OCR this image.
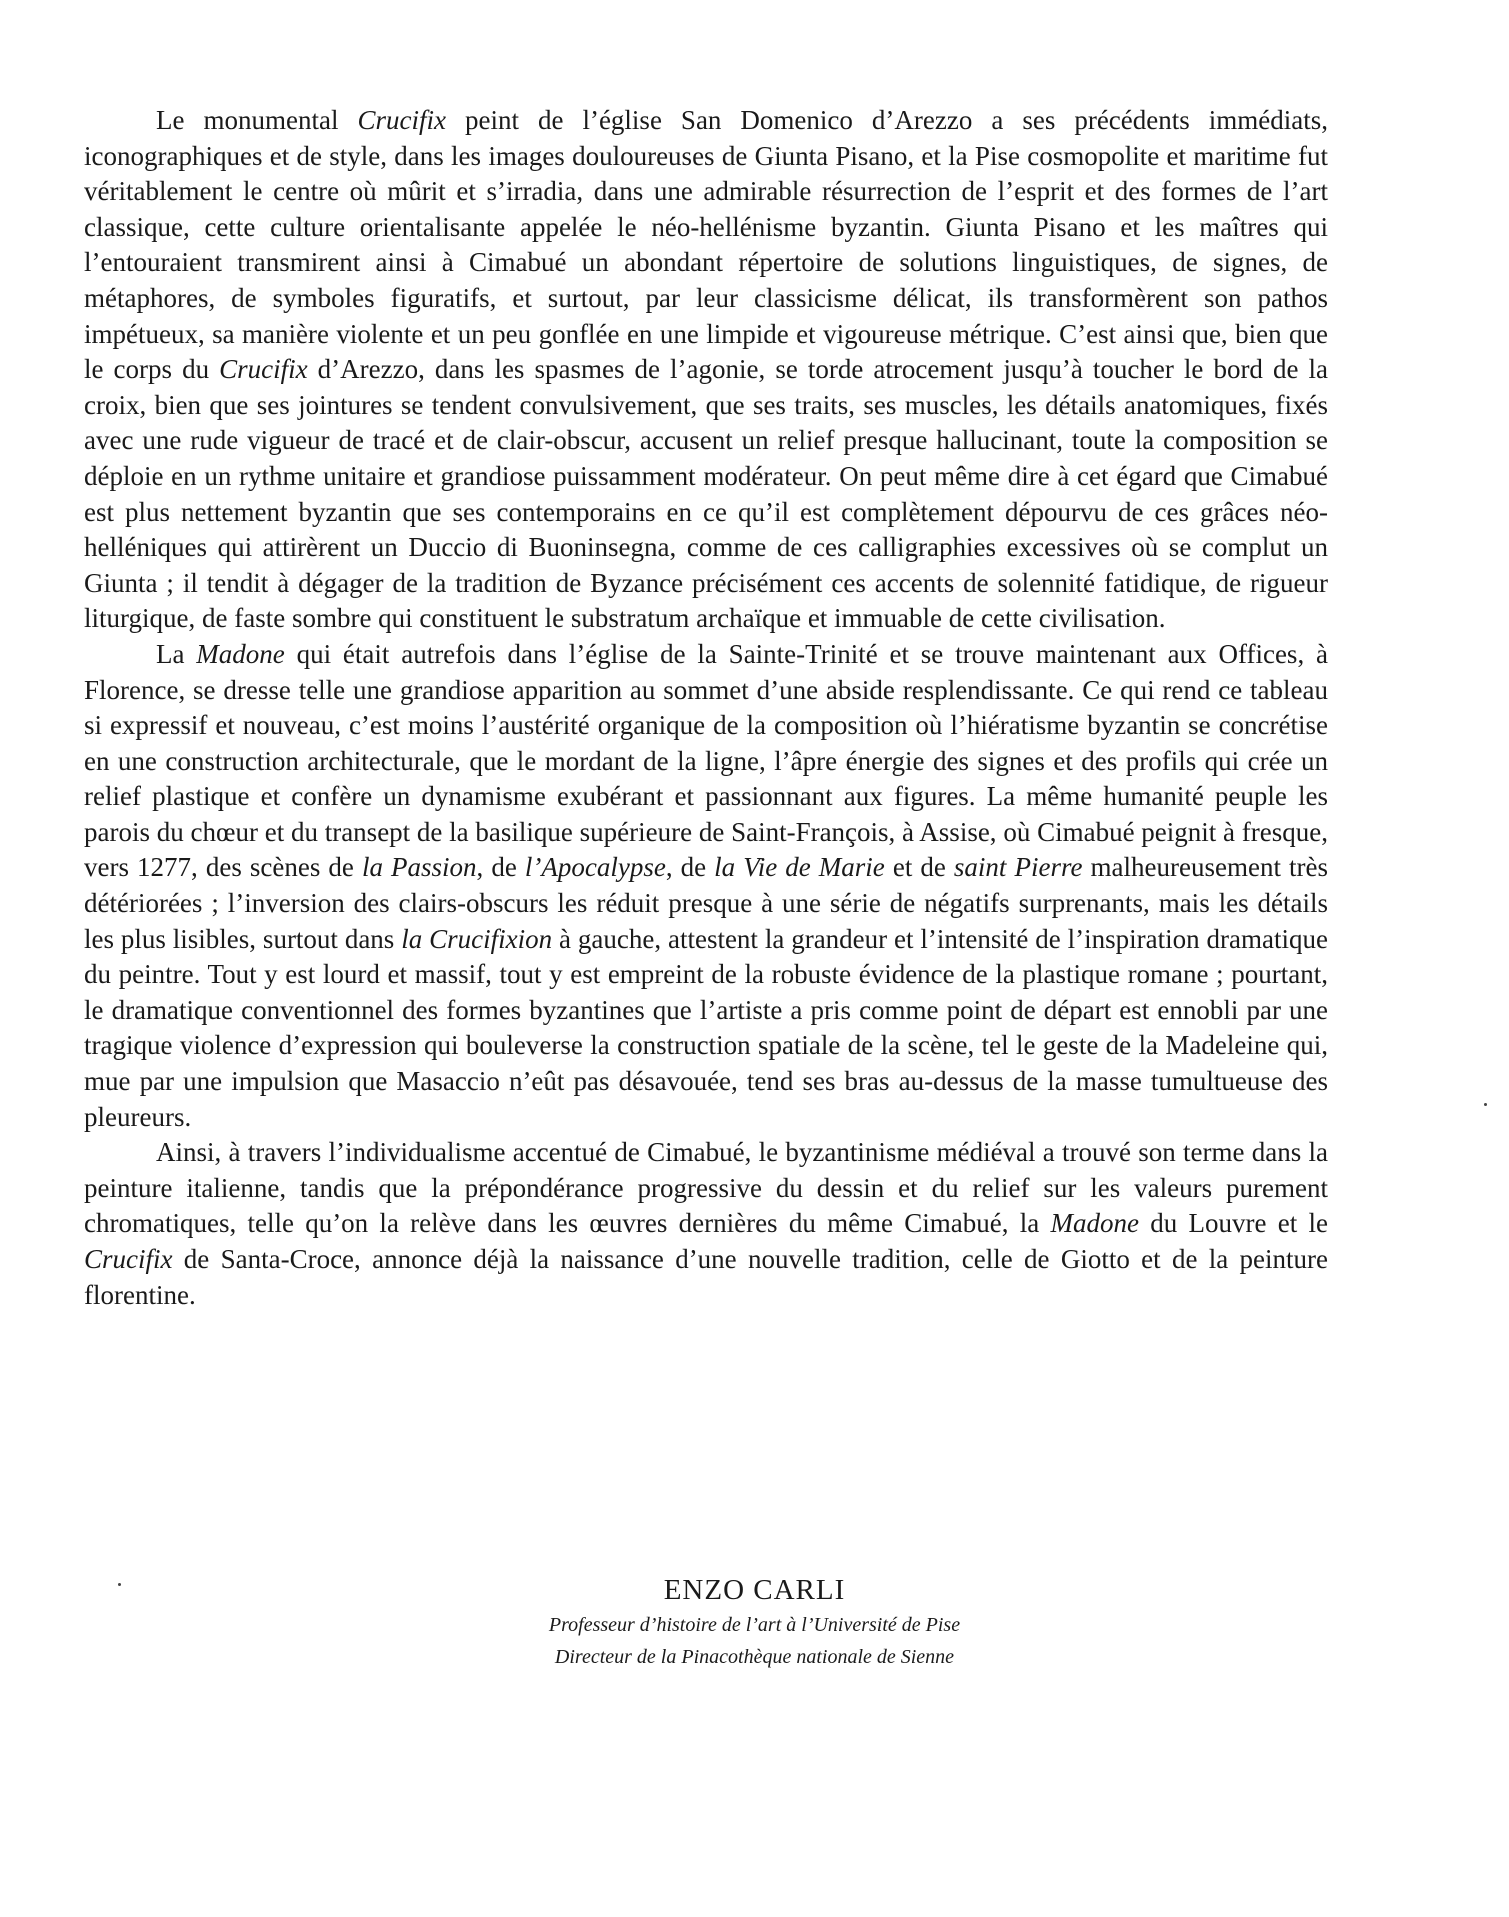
Le monumental Crucifix peint de l’église San Domenico d’Arezzo a ses précédents immédiats, iconographiques et de style, dans les images douloureuses de Giunta Pisano, et la Pise cosmopolite et maritime fut véritablement le centre où mûrit et s’irradia, dans une admirable résurrection de l’esprit et des formes de l’art classique, cette culture orientalisante appelée le néo-hellénisme byzantin. Giunta Pisano et les maîtres qui l’entouraient transmirent ainsi à Cimabué un abondant répertoire de solutions linguistiques, de signes, de métaphores, de symboles figuratifs, et surtout, par leur classicisme délicat, ils transformèrent son pathos impétueux, sa manière violente et un peu gonflée en une limpide et vigoureuse métrique. C’est ainsi que, bien que le corps du Crucifix d’Arezzo, dans les spasmes de l’agonie, se torde atrocement jusqu’à toucher le bord de la croix, bien que ses jointures se tendent convulsivement, que ses traits, ses muscles, les détails anatomiques, fixés avec une rude vigueur de tracé et de clair-obscur, accusent un relief presque hallucinant, toute la composition se déploie en un rythme unitaire et grandiose puissamment modérateur. On peut même dire à cet égard que Cimabué est plus nettement byzantin que ses contemporains en ce qu’il est complètement dépourvu de ces grâces néo-helléniques qui attirèrent un Duccio di Buoninsegna, comme de ces calligraphies excessives où se complut un Giunta ; il tendit à dégager de la tradition de Byzance précisément ces accents de solennité fatidique, de rigueur liturgique, de faste sombre qui constituent le substratum archaïque et immuable de cette civilisation.

La Madone qui était autrefois dans l’église de la Sainte-Trinité et se trouve maintenant aux Offices, à Florence, se dresse telle une grandiose apparition au sommet d’une abside resplendissante. Ce qui rend ce tableau si expressif et nouveau, c’est moins l’austérité organique de la composition où l’hiératisme byzantin se concrétise en une construction architecturale, que le mordant de la ligne, l’âpre énergie des signes et des profils qui crée un relief plastique et confère un dynamisme exubérant et passionnant aux figures. La même humanité peuple les parois du chœur et du transept de la basilique supérieure de Saint-François, à Assise, où Cimabué peignit à fresque, vers 1277, des scènes de la Passion, de l’Apocalypse, de la Vie de Marie et de saint Pierre malheureusement très détériorées ; l’inversion des clairs-obscurs les réduit presque à une série de négatifs surprenants, mais les détails les plus lisibles, surtout dans la Crucifixion à gauche, attestent la grandeur et l’intensité de l’inspiration dramatique du peintre. Tout y est lourd et massif, tout y est empreint de la robuste évidence de la plastique romane ; pourtant, le dramatique conventionnel des formes byzantines que l’artiste a pris comme point de départ est ennobli par une tragique violence d’expression qui bouleverse la construction spatiale de la scène, tel le geste de la Madeleine qui, mue par une impulsion que Masaccio n’eût pas désavouée, tend ses bras au-dessus de la masse tumultueuse des pleureurs.

Ainsi, à travers l’individualisme accentué de Cimabué, le byzantinisme médiéval a trouvé son terme dans la peinture italienne, tandis que la prépondérance progressive du dessin et du relief sur les valeurs purement chromatiques, telle qu’on la relève dans les œuvres dernières du même Cimabué, la Madone du Louvre et le Crucifix de Santa-Croce, annonce déjà la naissance d’une nouvelle tradition, celle de Giotto et de la peinture florentine.

ENZO CARLI
Professeur d’histoire de l’art à l’Université de Pise
Directeur de la Pinacothèque nationale de Sienne
